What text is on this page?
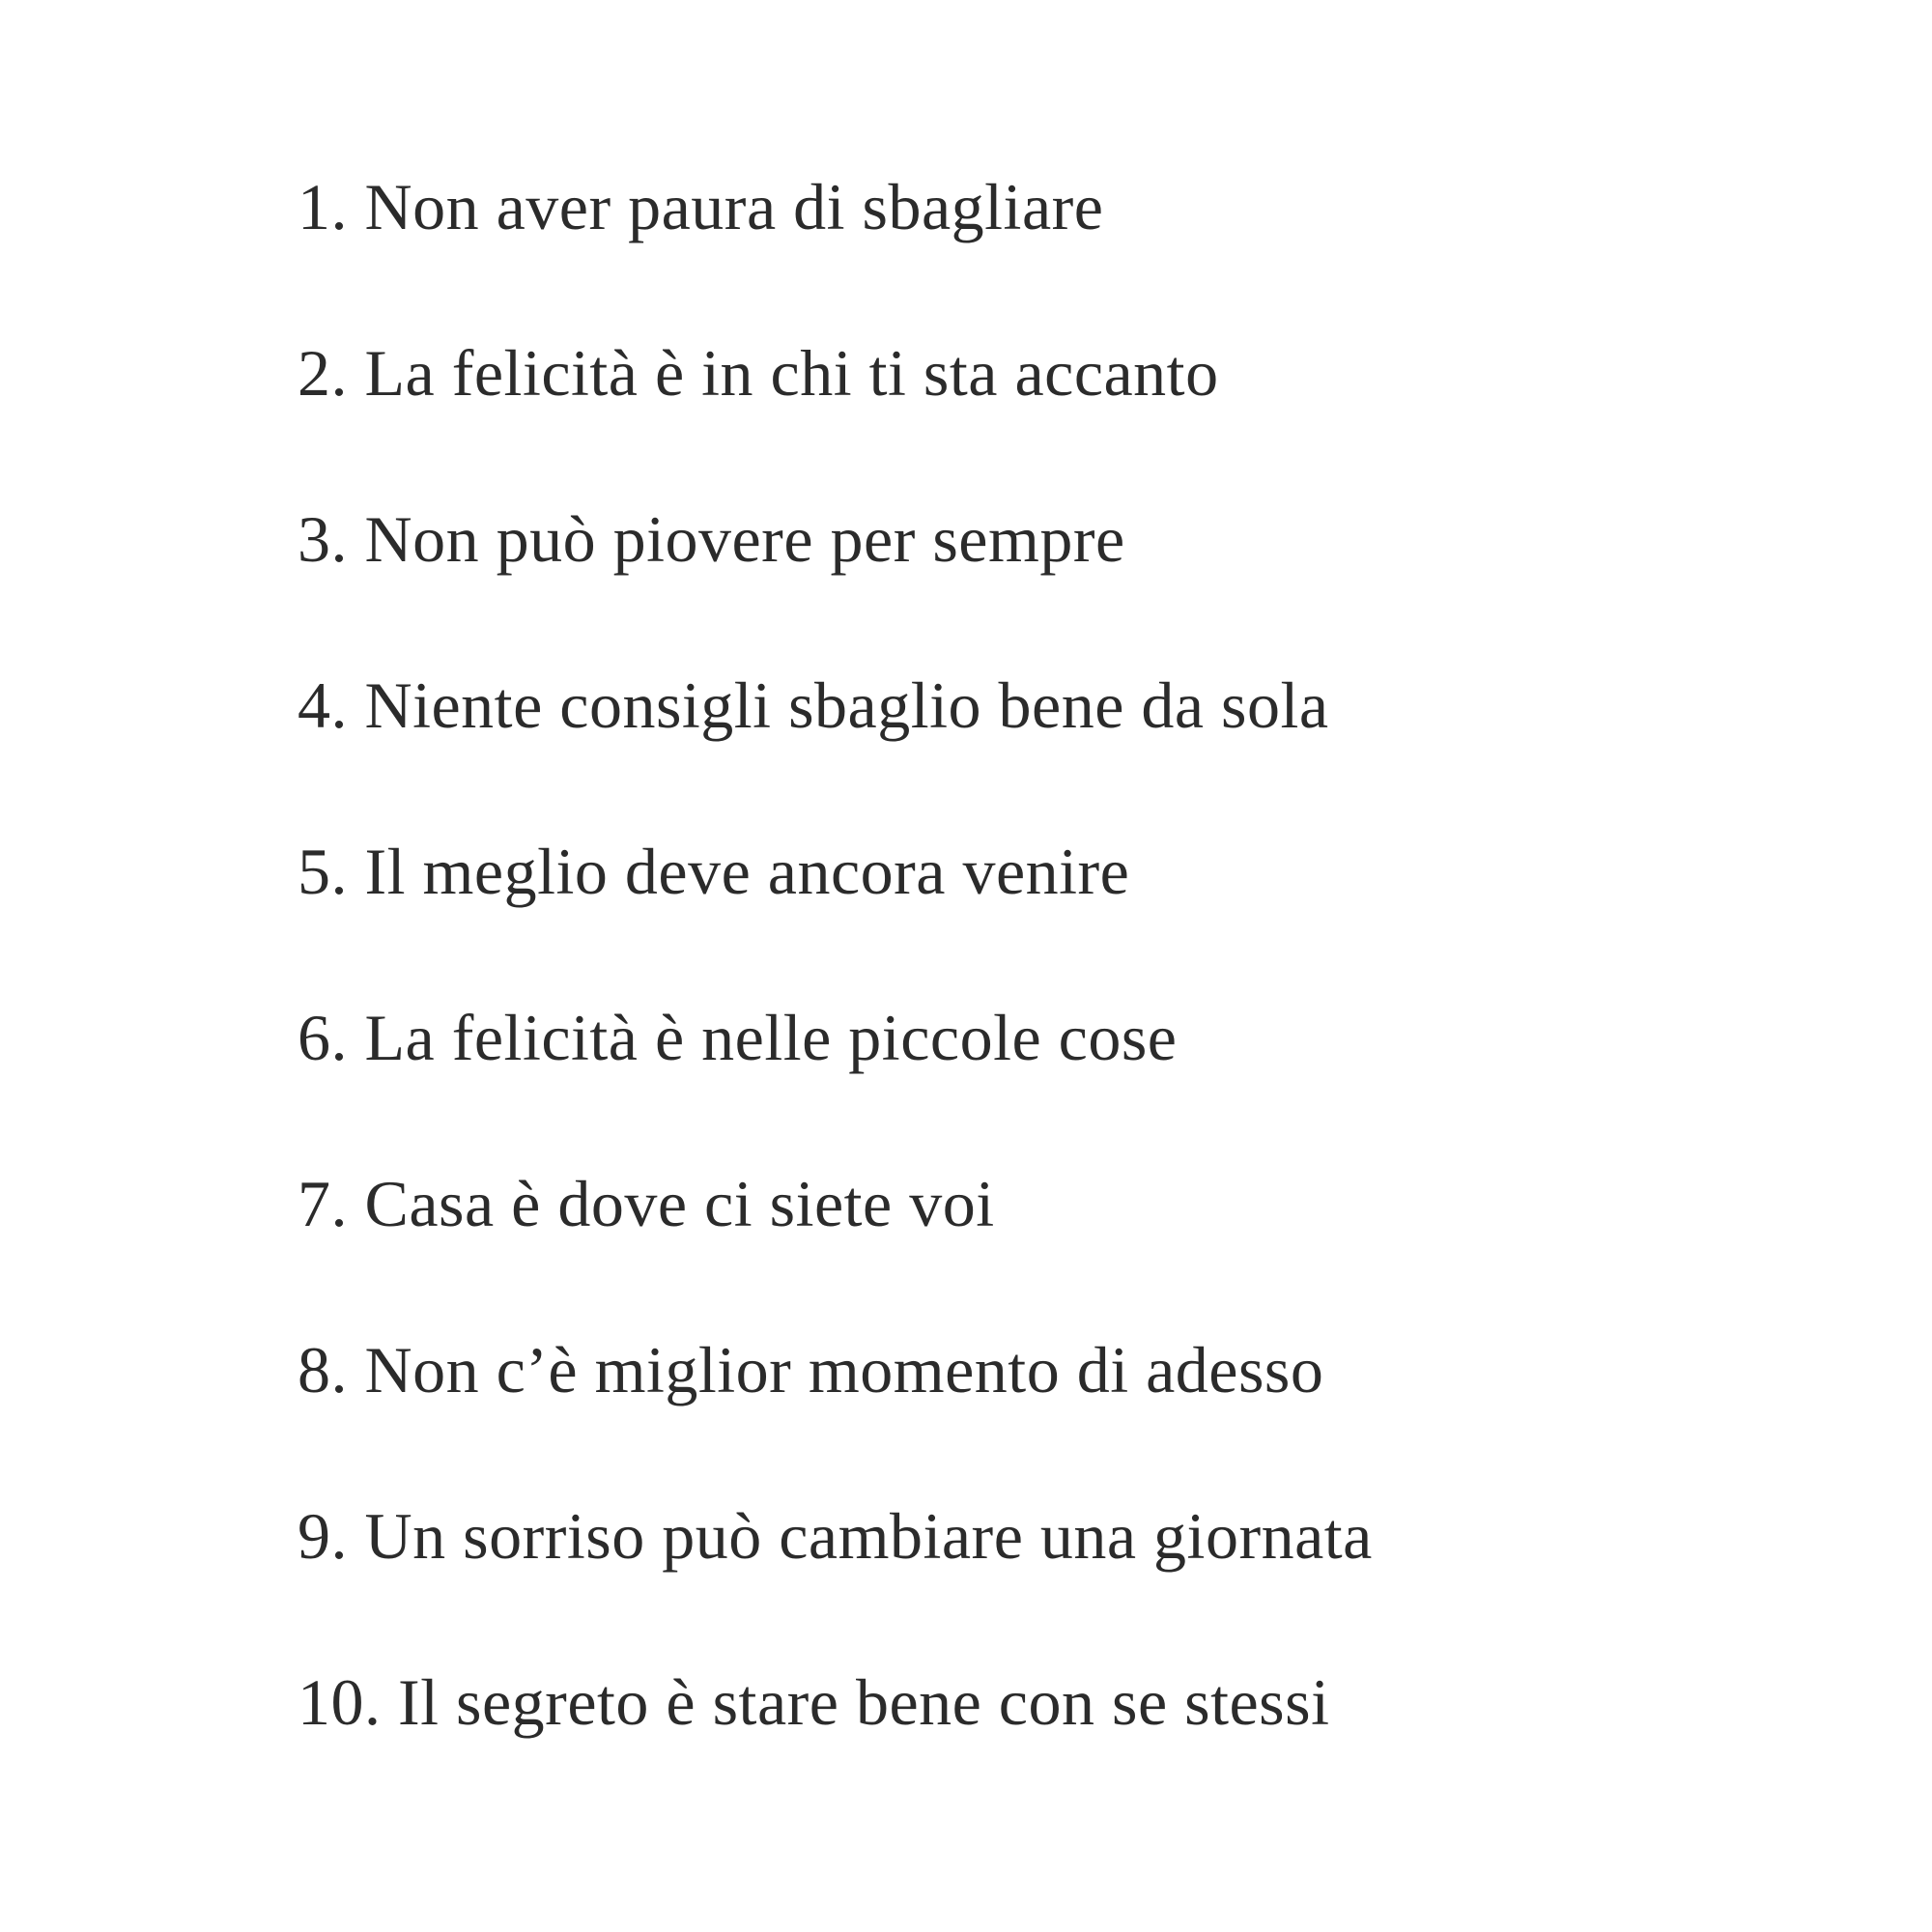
1. Non aver paura di sbagliare
2. La felicità è in chi ti sta accanto
3. Non può piovere per sempre
4. Niente consigli sbaglio bene da sola
5. Il meglio deve ancora venire
6. La felicità è nelle piccole cose
7. Casa è dove ci siete voi
8. Non c’è miglior momento di adesso
9. Un sorriso può cambiare una giornata
10. Il segreto è stare bene con se stessi
